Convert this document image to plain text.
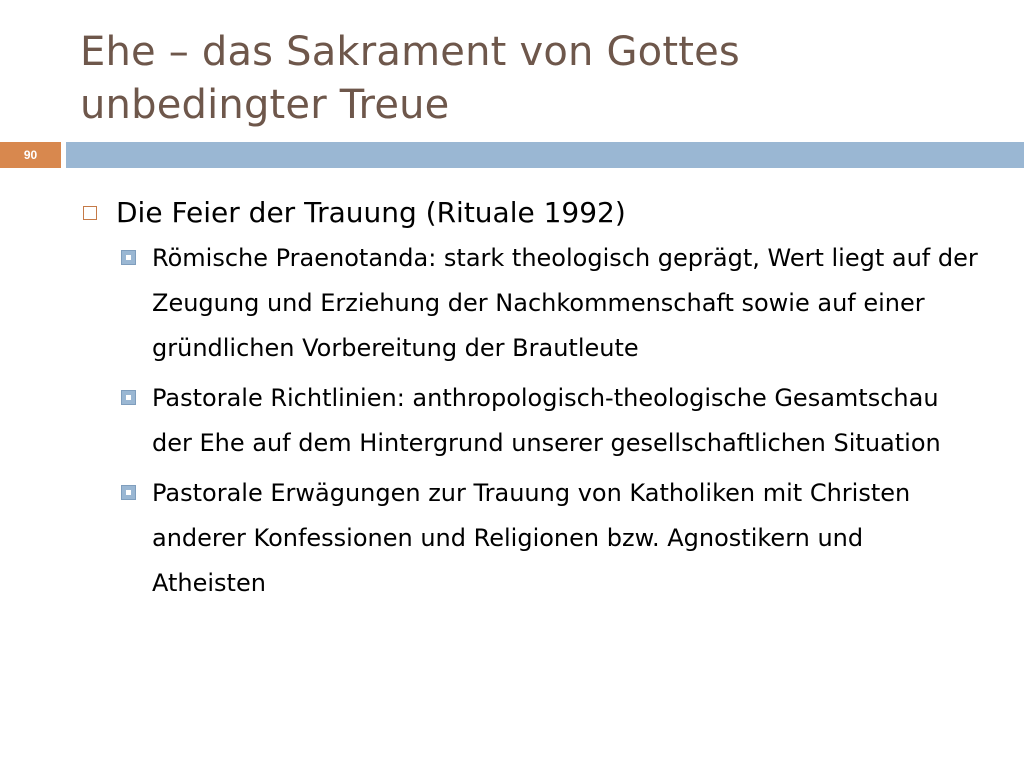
Ehe – das Sakrament von Gottes
unbedingter Treue
90
Die Feier der Trauung (Rituale 1992)
Römische Praenotanda: stark theologisch geprägt, Wert liegt auf der Zeugung und Erziehung der Nachkommenschaft sowie auf einer gründlichen Vorbereitung der Brautleute
Pastorale Richtlinien: anthropologisch-theologische Gesamtschau der Ehe auf dem Hintergrund unserer gesellschaftlichen Situation
Pastorale Erwägungen zur Trauung von Katholiken mit Christen anderer Konfessionen und Religionen bzw. Agnostikern und Atheisten
